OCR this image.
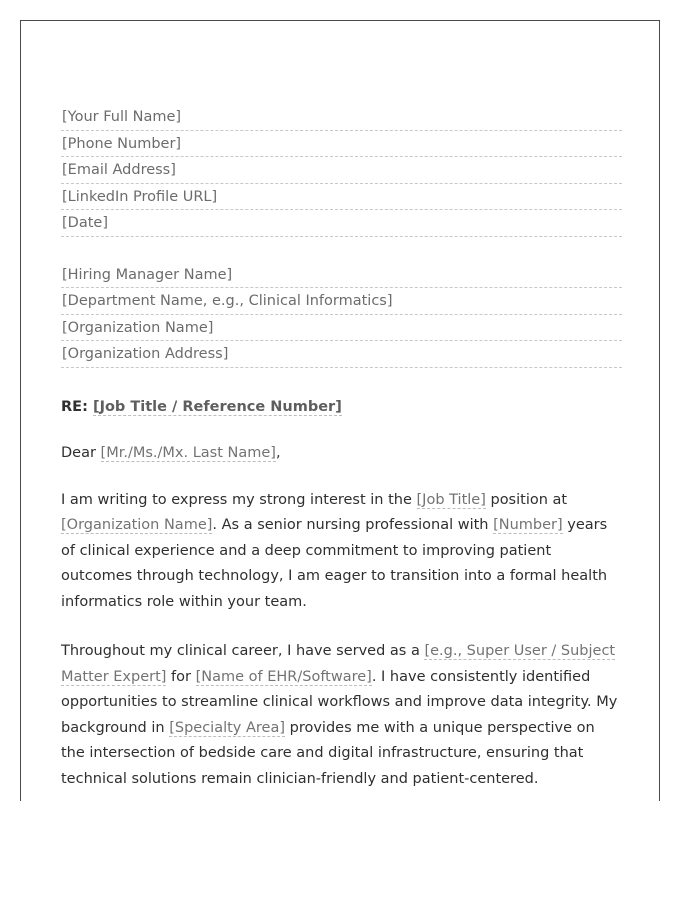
[Your Full Name]
[Phone Number]
[Email Address]
[LinkedIn Profile URL]
[Date]
[Hiring Manager Name]
[Department Name, e.g., Clinical Informatics]
[Organization Name]
[Organization Address]
RE: [Job Title / Reference Number]
Dear [Mr./Ms./Mx. Last Name],
I am writing to express my strong interest in the [Job Title] position at [Organization Name]. As a senior nursing professional with [Number] years of clinical experience and a deep commitment to improving patient outcomes through technology, I am eager to transition into a formal health informatics role within your team.
Throughout my clinical career, I have served as a [e.g., Super User / Subject Matter Expert] for [Name of EHR/Software]. I have consistently identified opportunities to streamline clinical workflows and improve data integrity. My background in [Specialty Area] provides me with a unique perspective on the intersection of bedside care and digital infrastructure, ensuring that technical solutions remain clinician-friendly and patient-centered.
